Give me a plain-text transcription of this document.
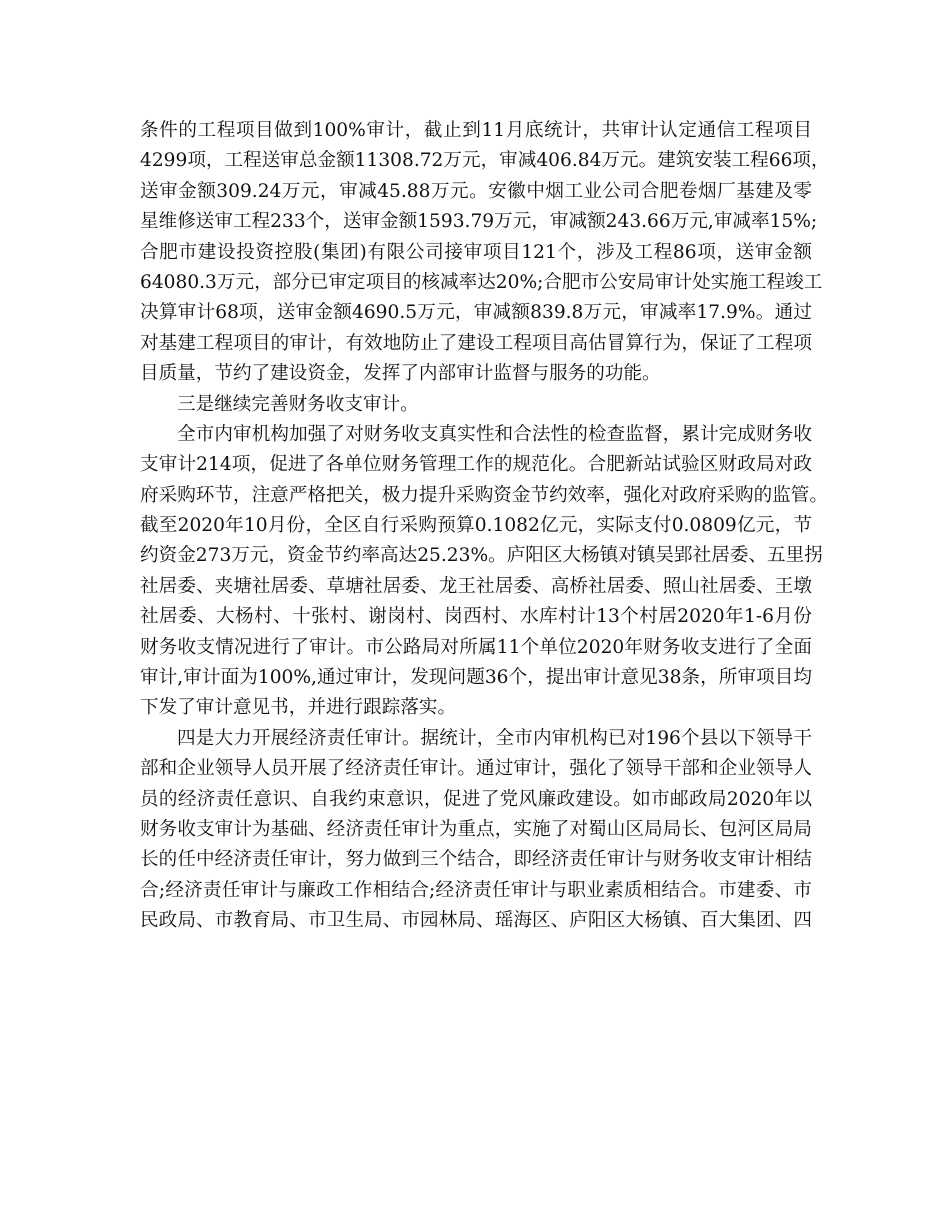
条件的工程项目做到100%审计，截止到11月底统计，共审计认定通信工程项目
4299项，工程送审总金额11308.72万元，审减406.84万元。建筑安装工程66项，
送审金额309.24万元，审减45.88万元。安徽中烟工业公司合肥卷烟厂基建及零
星维修送审工程233个，送审金额1593.79万元，审减额243.66万元,审减率15%;
合肥市建设投资控股(集团)有限公司接审项目121个，涉及工程86项，送审金额
64080.3万元，部分已审定项目的核减率达20%;合肥市公安局审计处实施工程竣工
决算审计68项，送审金额4690.5万元，审减额839.8万元，审减率17.9%。通过
对基建工程项目的审计，有效地防止了建设工程项目高估冒算行为，保证了工程项
目质量，节约了建设资金，发挥了内部审计监督与服务的功能。
三是继续完善财务收支审计。
全市内审机构加强了对财务收支真实性和合法性的检查监督，累计完成财务收
支审计214项，促进了各单位财务管理工作的规范化。合肥新站试验区财政局对政
府采购环节，注意严格把关，极力提升采购资金节约效率，强化对政府采购的监管。
截至2020年10月份，全区自行采购预算0.1082亿元，实际支付0.0809亿元，节
约资金273万元，资金节约率高达25.23%。庐阳区大杨镇对镇吴郢社居委、五里拐
社居委、夹塘社居委、草塘社居委、龙王社居委、高桥社居委、照山社居委、王墩
社居委、大杨村、十张村、谢岗村、岗西村、水库村计13个村居2020年1-6月份
财务收支情况进行了审计。市公路局对所属11个单位2020年财务收支进行了全面
审计,审计面为100%,通过审计，发现问题36个，提出审计意见38条，所审项目均
下发了审计意见书，并进行跟踪落实。
四是大力开展经济责任审计。据统计，全市内审机构已对196个县以下领导干
部和企业领导人员开展了经济责任审计。通过审计，强化了领导干部和企业领导人
员的经济责任意识、自我约束意识，促进了党风廉政建设。如市邮政局2020年以
财务收支审计为基础、经济责任审计为重点，实施了对蜀山区局局长、包河区局局
长的任中经济责任审计，努力做到三个结合，即经济责任审计与财务收支审计相结
合;经济责任审计与廉政工作相结合;经济责任审计与职业素质相结合。市建委、市
民政局、市教育局、市卫生局、市园林局、瑶海区、庐阳区大杨镇、百大集团、四
